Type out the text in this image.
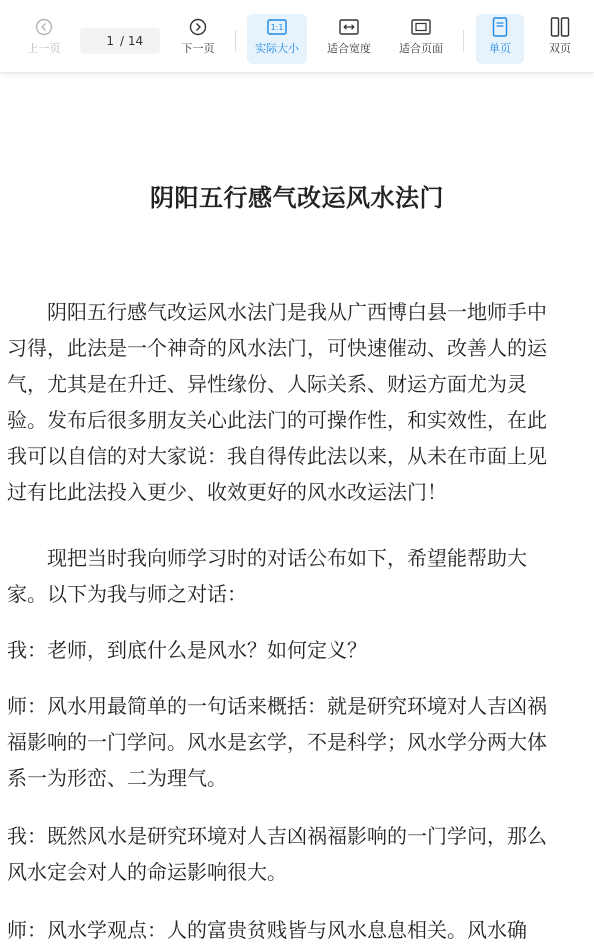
上一页
1 / 14
下一页
1:1
实际大小	适合宽度	适合页面	单页	双页
阴阳五行感气改运风水法门

阴阳五行感气改运风水法门是我从广西博白县一地师手中习得，此法是一个神奇的风水法门，可快速催动、改善人的运气，尤其是在升迁、异性缘份、人际关系、财运方面尤为灵验。发布后很多朋友关心此法门的可操作性，和实效性，在此我可以自信的对大家说：我自得传此法以来，从未在市面上见过有比此法投入更少、收效更好的风水改运法门！

现把当时我向师学习时的对话公布如下，希望能帮助大家。以下为我与师之对话：

我：老师，到底什么是风水？如何定义？

师：风水用最简单的一句话来概括：就是研究环境对人吉凶祸福影响的一门学问。风水是玄学，不是科学；风水学分两大体系一为形峦、二为理气。

我：既然风水是研究环境对人吉凶祸福影响的一门学问，那么风水定会对人的命运影响很大。

师：风水学观点：人的富贵贫贱皆与风水息息相关。风水确
